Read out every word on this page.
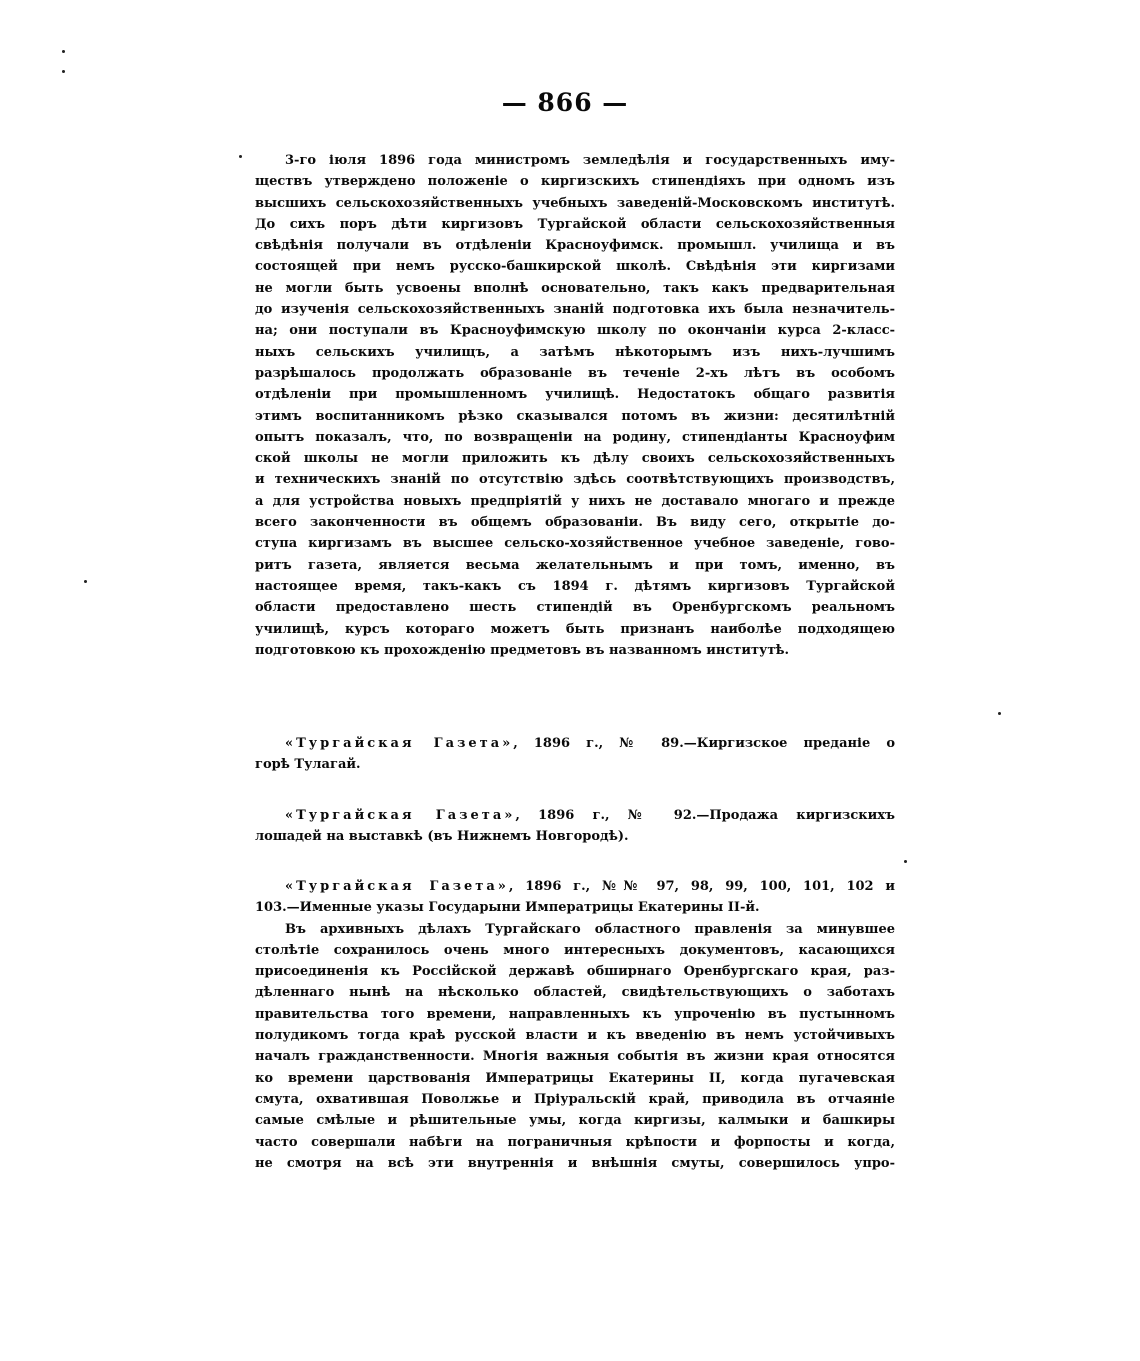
— 866 —
3-го іюля 1896 года министромъ земледѣлія и государственныхъ иму-
ществъ утверждено положеніе о киргизскихъ стипендіяхъ при одномъ изъ
высшихъ сельскохозяйственныхъ учебныхъ заведеній-Московскомъ институтѣ.
До сихъ поръ дѣти киргизовъ Тургайской области сельскохозяйственныя
свѣдѣнія получали въ отдѣленіи Красноуфимск. промышл. училища и въ
состоящей при немъ русско-башкирской школѣ. Свѣдѣнія эти киргизами
не могли быть усвоены вполнѣ основательно, такъ какъ предварительная
до изученія сельскохозяйственныхъ знаній подготовка ихъ была незначитель-
на; они поступали въ Красноуфимскую школу по окончаніи курса 2-класс-
ныхъ сельскихъ училищъ, а затѣмъ нѣкоторымъ изъ нихъ-лучшимъ
разрѣшалось продолжать образованіе въ теченіе 2-хъ лѣтъ въ особомъ
отдѣленіи при промышленномъ училищѣ. Недостатокъ общаго развитія
этимъ воспитанникомъ рѣзко сказывался потомъ въ жизни: десятилѣтній
опытъ показалъ, что, по возвращеніи на родину, стипендіанты Красноуфим
ской школы не могли приложить къ дѣлу своихъ сельскохозяйственныхъ
и техническихъ знаній по отсутствію здѣсь соотвѣтствующихъ производствъ,
а для устройства новыхъ предпріятій у нихъ не доставало многаго и прежде
всего законченности въ общемъ образованіи. Въ виду сего, открытіе до-
ступа киргизамъ въ высшее сельско-хозяйственное учебное заведеніе, гово-
ритъ газета, является весьма желательнымъ и при томъ, именно, въ
настоящее время, такъ-какъ съ 1894 г. дѣтямъ киргизовъ Тургайской
области предоставлено шесть стипендій въ Оренбургскомъ реальномъ
училищѣ, курсъ котораго можетъ быть признанъ наиболѣе подходящею
подготовкою къ прохожденію предметовъ въ названномъ институтѣ.
«Тургайская Газета», 1896 г., № 89.—Киргизское преданіе о
горѣ Тулагай.
«Тургайская Газета», 1896 г., № 92.—Продажа киргизскихъ
лошадей на выставкѣ (въ Нижнемъ Новгородѣ).
«Тургайская Газета», 1896 г., №№ 97, 98, 99, 100, 101, 102 и
103.—Именные указы Государыни Императрицы Екатерины II-й.
Въ архивныхъ дѣлахъ Тургайскаго областного правленія за минувшее
столѣтіе сохранилось очень много интересныхъ документовъ, касающихся
присоединенія къ Россійской державѣ обширнаго Оренбургскаго края, раз-
дѣленнаго нынѣ на нѣсколько областей, свидѣтельствующихъ о заботахъ
правительства того времени, направленныхъ къ упроченію въ пустынномъ
полудикомъ тогда краѣ русской власти и къ введенію въ немъ устойчивыхъ
началъ гражданственности. Многія важныя событія въ жизни края относятся
ко времени царствованія Императрицы Екатерины II, когда пугачевская
смута, охватившая Поволжье и Пріуральскій край, приводила въ отчаяніе
самые смѣлые и рѣшительные умы, когда киргизы, калмыки и башкиры
часто совершали набѣги на пограничныя крѣпости и форпосты и когда,
не смотря на всѣ эти внутреннія и внѣшнія смуты, совершилось упро-
